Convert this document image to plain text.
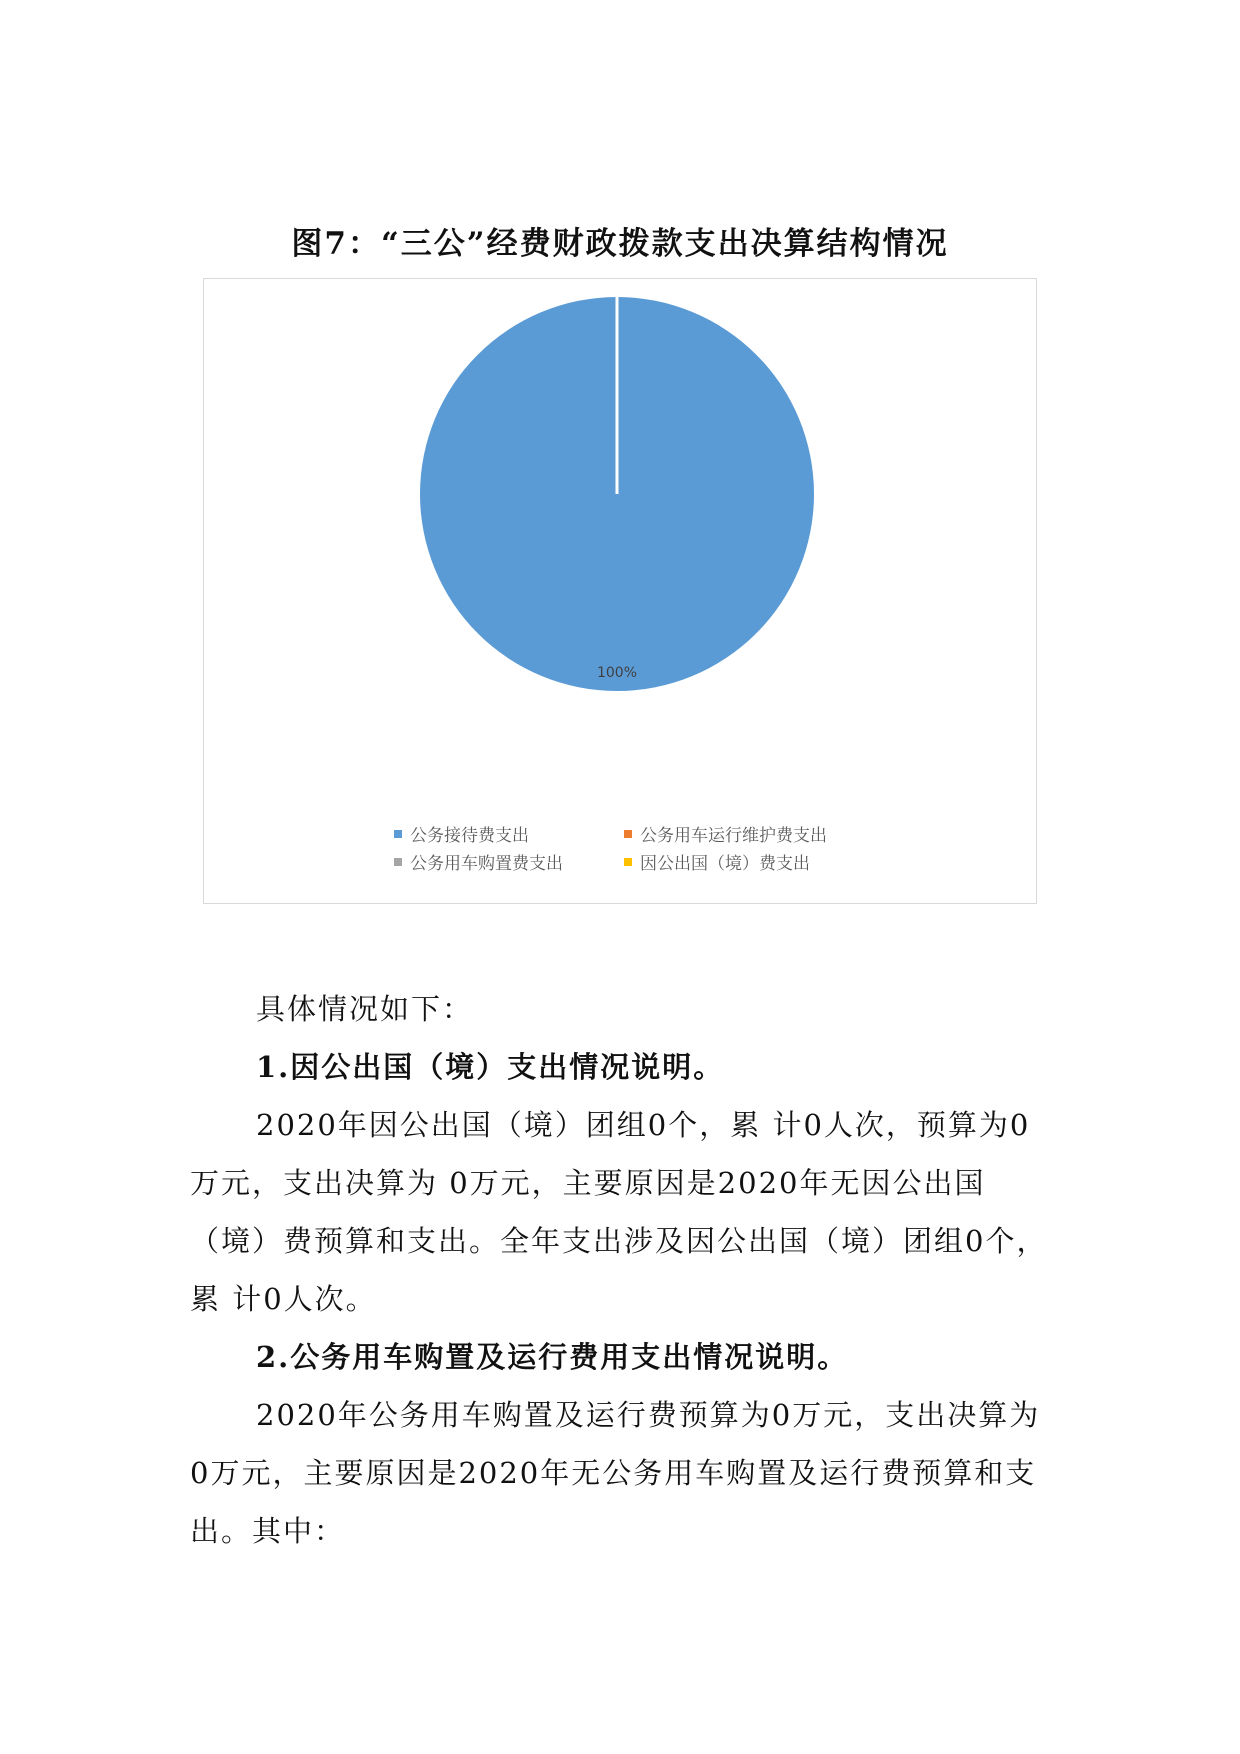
图7：“三公”经费财政拨款支出决算结构情况
100%
公务接待费支出	公务用车运行维护费支出
公务用车购置费支出	因公出国（境）费支出

具体情况如下：

1.因公出国（境）支出情况说明。

2020年因公出国（境）团组0个，累 计0人次，预算为0万元，支出决算为 0万元，主要原因是2020年无因公出国（境）费预算和支出。全年支出涉及因公出国（境）团组0个，累 计0人次。

2.公务用车购置及运行费用支出情况说明。

2020年公务用车购置及运行费预算为0万元，支出决算为 0万元，主要原因是2020年无公务用车购置及运行费预算和支出。其中：
